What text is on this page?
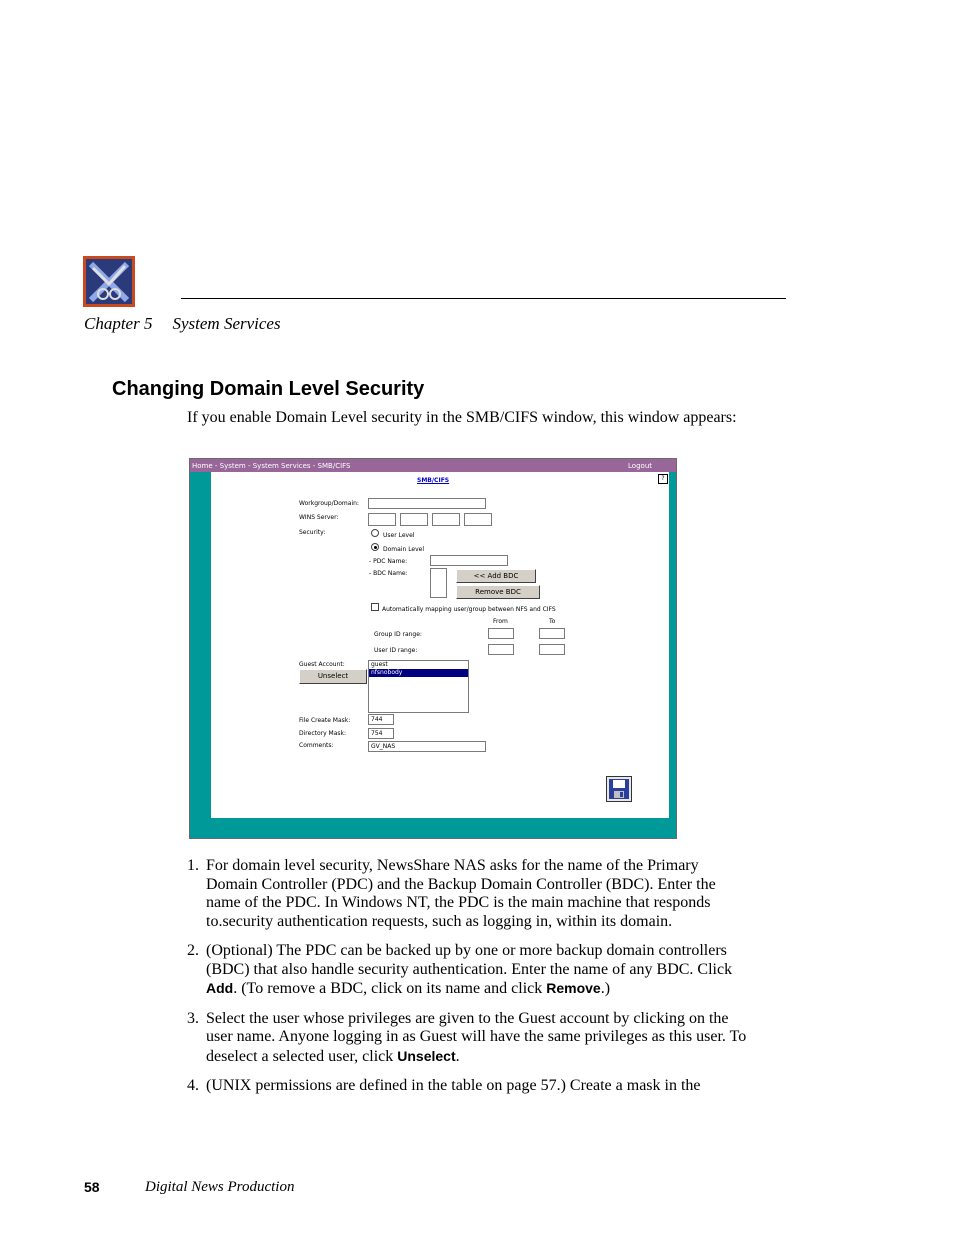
Chapter 5 System Services
Changing Domain Level Security
If you enable Domain Level security in the SMB/CIFS window, this window appears:
Home - System - System Services - SMB/CIFS	Logout
SMB/CIFS	?
Workgroup/Domain:
WINS Server:
Security:	User Level
Domain Level
- PDC Name:
- BDC Name:	<< Add BDC
Remove BDC
Automatically mapping user/group between NFS and CIFS
From	To
Group ID range:
User ID range:
Guest Account:
Unselect
guest
nfsnobody
File Create Mask:	744
Directory Mask:	754
Comments:	GV_NAS
1. For domain level security, NewsShare NAS asks for the name of the Primary Domain Controller (PDC) and the Backup Domain Controller (BDC). Enter the name of the PDC. In Windows NT, the PDC is the main machine that responds to.security authentication requests, such as logging in, within its domain.
2. (Optional) The PDC can be backed up by one or more backup domain controllers (BDC) that also handle security authentication. Enter the name of any BDC. Click Add. (To remove a BDC, click on its name and click Remove.)
3. Select the user whose privileges are given to the Guest account by clicking on the user name. Anyone logging in as Guest will have the same privileges as this user. To deselect a selected user, click Unselect.
4. (UNIX permissions are defined in the table on page 57.) Create a mask in the
58	Digital News Production
